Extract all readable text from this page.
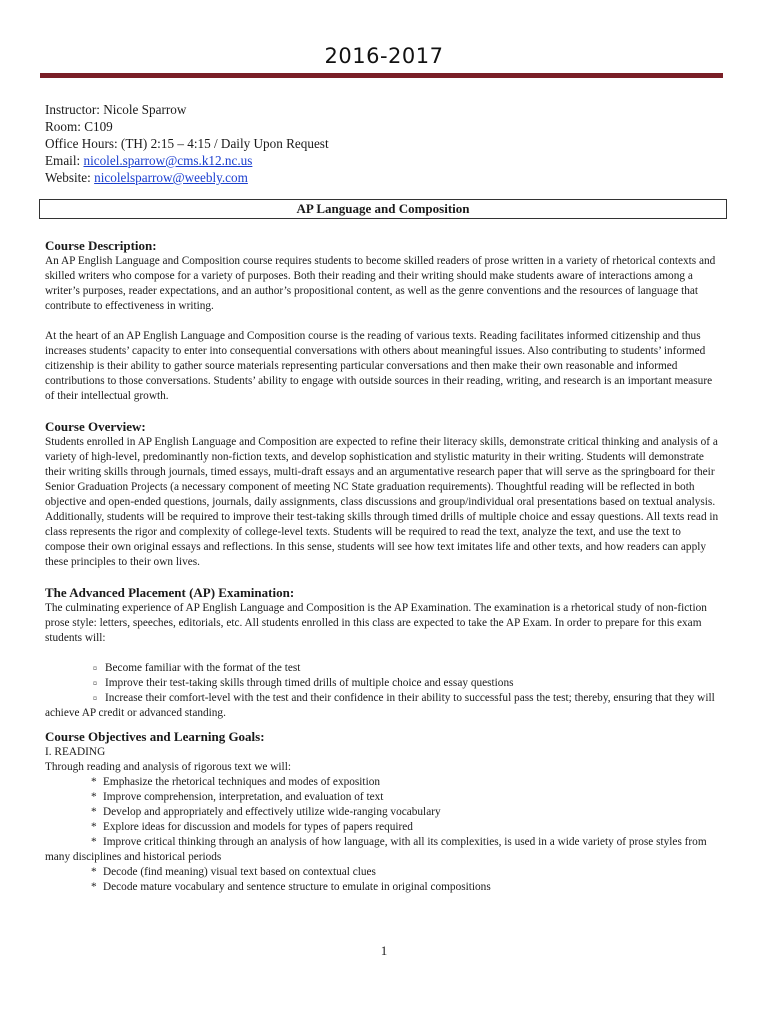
2016-2017
Instructor: Nicole Sparrow
Room: C109
Office Hours: (TH) 2:15 – 4:15 / Daily Upon Request
Email: nicolel.sparrow@cms.k12.nc.us
Website: nicolelsparrow@weebly.com
AP Language and Composition
Course Description:

An AP English Language and Composition course requires students to become skilled readers of prose written in a variety of rhetorical contexts and skilled writers who compose for a variety of purposes. Both their reading and their writing should make students aware of interactions among a writer’s purposes, reader expectations, and an author’s propositional content, as well as the genre conventions and the resources of language that contribute to effectiveness in writing.

At the heart of an AP English Language and Composition course is the reading of various texts. Reading facilitates informed citizenship and thus increases students’ capacity to enter into consequential conversations with others about meaningful issues. Also contributing to students’ informed citizenship is their ability to gather source materials representing particular conversations and then make their own reasonable and informed contributions to those conversations. Students’ ability to engage with outside sources in their reading, writing, and research is an important measure of their intellectual growth.

Course Overview:

Students enrolled in AP English Language and Composition are expected to refine their literacy skills, demonstrate critical thinking and analysis of a variety of high-level, predominantly non-fiction texts, and develop sophistication and stylistic maturity in their writing. Students will demonstrate their writing skills through journals, timed essays, multi-draft essays and an argumentative research paper that will serve as the springboard for their Senior Graduation Projects (a necessary component of meeting NC State graduation requirements). Thoughtful reading will be reflected in both objective and open-ended questions, journals, daily assignments, class discussions and group/individual oral presentations based on textual analysis. Additionally, students will be required to improve their test-taking skills through timed drills of multiple choice and essay questions. All texts read in class represents the rigor and complexity of college-level texts. Students will be required to read the text, analyze the text, and use the text to compose their own original essays and reflections. In this sense, students will see how text imitates life and other texts, and how readers can apply these principles to their own lives.

The Advanced Placement (AP) Examination:

The culminating experience of AP English Language and Composition is the AP Examination. The examination is a rhetorical study of non-fiction prose style: letters, speeches, editorials, etc. All students enrolled in this class are expected to take the AP Exam. In order to prepare for this exam students will:

¤ Become familiar with the format of the test
¤ Improve their test-taking skills through timed drills of multiple choice and essay questions
¤ Increase their comfort-level with the test and their confidence in their ability to successful pass the test; thereby, ensuring that they will achieve AP credit or advanced standing.
Course Objectives and Learning Goals:

I. READING

Through reading and analysis of rigorous text we will:

* Emphasize the rhetorical techniques and modes of exposition
* Improve comprehension, interpretation, and evaluation of text
* Develop and appropriately and effectively utilize wide-ranging vocabulary
* Explore ideas for discussion and models for types of papers required
* Improve critical thinking through an analysis of how language, with all its complexities, is used in a wide variety of prose styles from many disciplines and historical periods
* Decode (find meaning) visual text based on contextual clues
* Decode mature vocabulary and sentence structure to emulate in original compositions
1
